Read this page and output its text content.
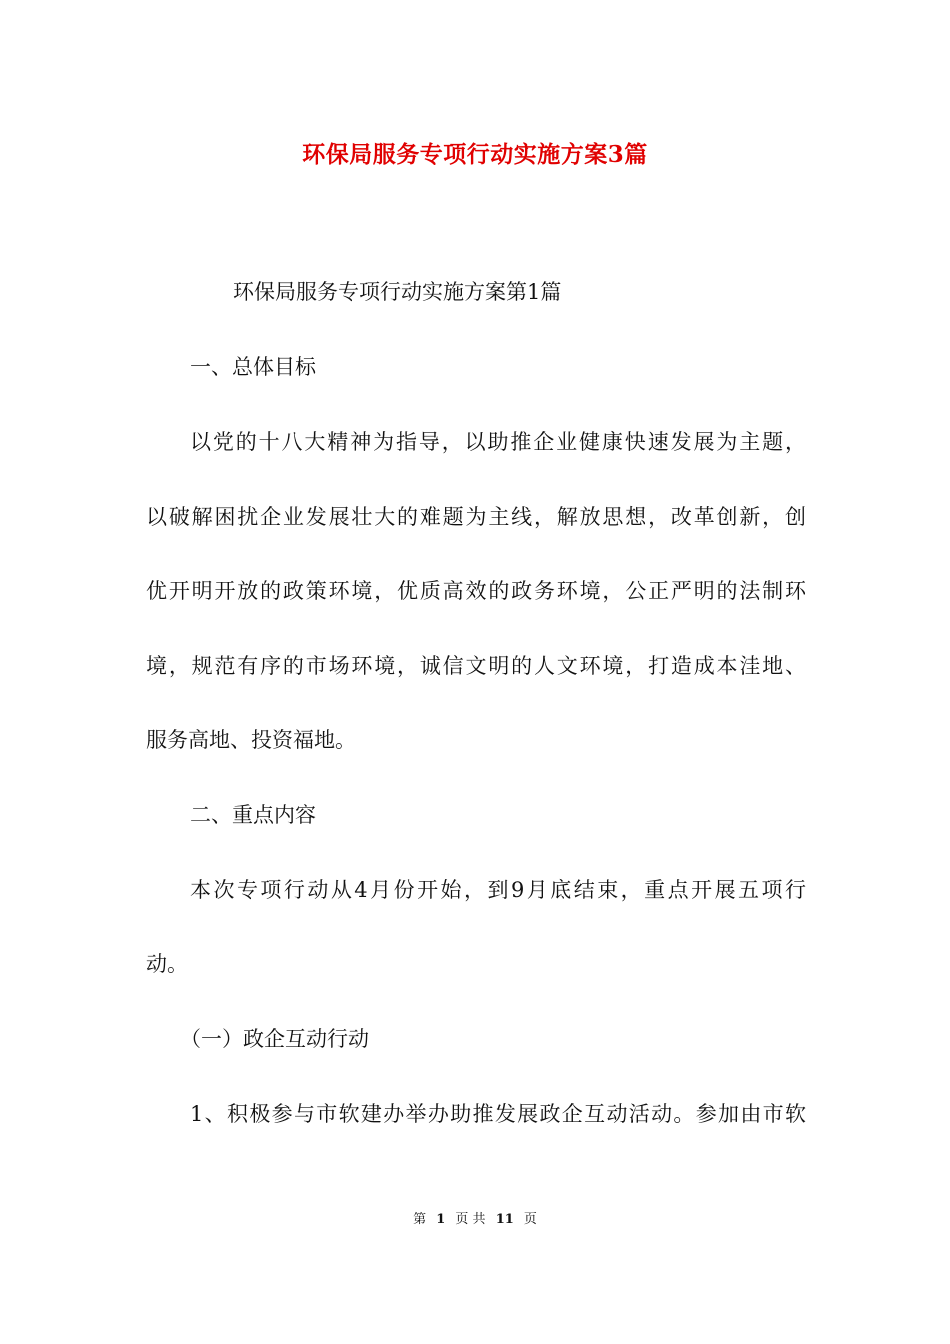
环保局服务专项行动实施方案3篇
环保局服务专项行动实施方案第1篇
一、总体目标
以党的十八大精神为指导，以助推企业健康快速发展为主题，
以破解困扰企业发展壮大的难题为主线，解放思想，改革创新，创
优开明开放的政策环境，优质高效的政务环境，公正严明的法制环
境，规范有序的市场环境，诚信文明的人文环境，打造成本洼地、
服务高地、投资福地。
二、重点内容
本次专项行动从4月份开始，到9月底结束，重点开展五项行
动。
（一）政企互动行动
1、积极参与市软建办举办助推发展政企互动活动。参加由市软
第 1 页 共 11 页
